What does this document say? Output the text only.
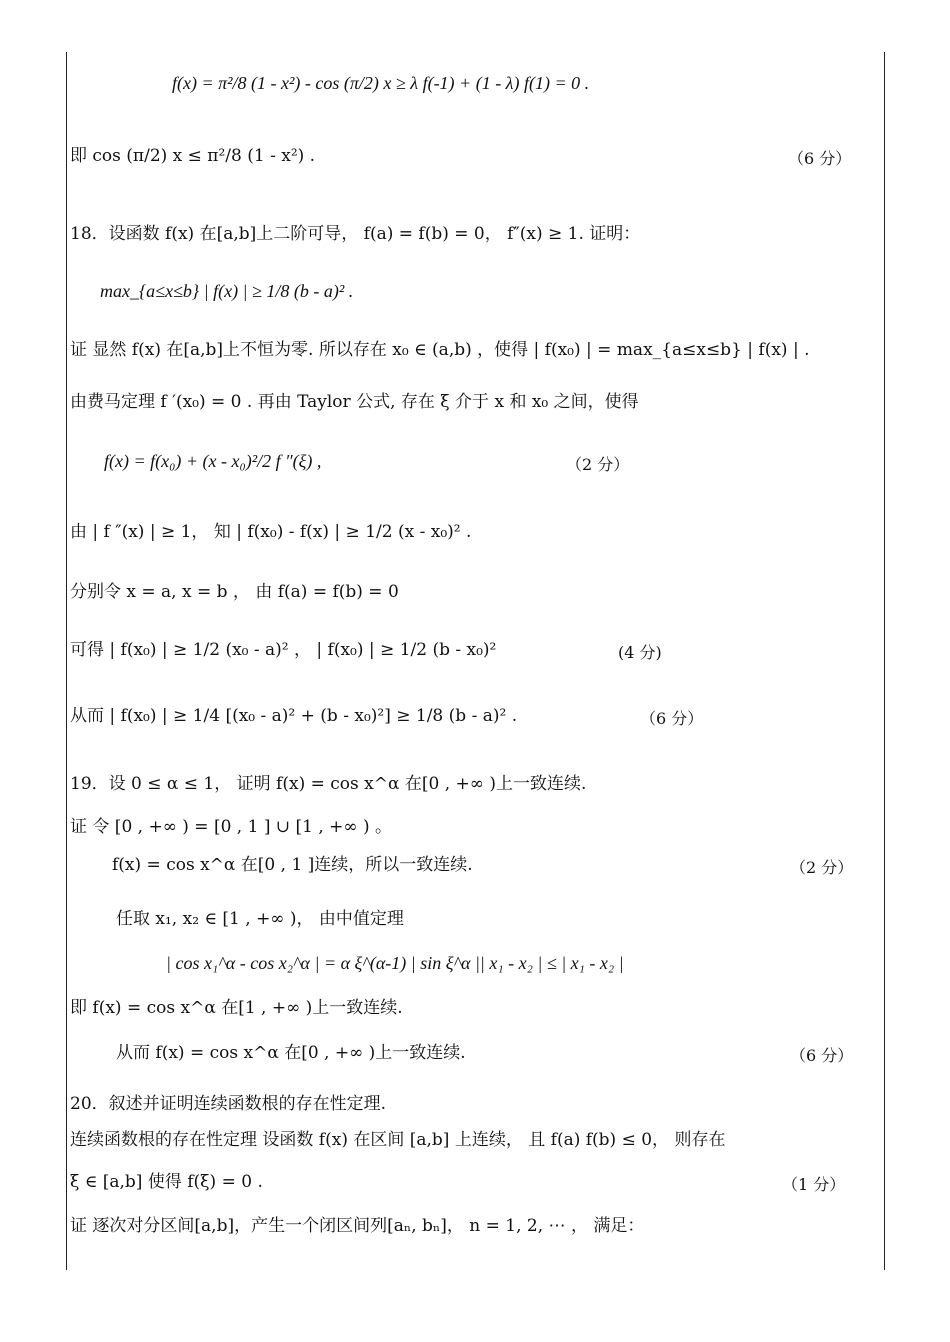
f(x) = π²/8 (1 - x²) - cos (π/2) x ≥ λ f(-1) + (1 - λ) f(1) = 0 .
即 cos (π/2) x ≤ π²/8 (1 - x²) .	（6 分）
18．设函数 f(x) 在[a,b]上二阶可导， f(a) = f(b) = 0， f″(x) ≥ 1. 证明：
max_{a≤x≤b} | f(x) | ≥ 1/8 (b - a)² .
证 显然 f(x) 在[a,b]上不恒为零. 所以存在 x₀ ∈ (a,b) ，使得 | f(x₀) | = max_{a≤x≤b} | f(x) | .
由费马定理 f ′(x₀) = 0 . 再由 Taylor 公式, 存在 ξ 介于 x 和 x₀ 之间，使得
f(x) = f(x₀) + (x - x₀)²/2 f ″(ξ) ,	（2 分）
由 | f ″(x) | ≥ 1， 知 | f(x₀) - f(x) | ≥ 1/2 (x - x₀)² .
分别令 x = a, x = b ， 由 f(a) = f(b) = 0
可得 | f(x₀) | ≥ 1/2 (x₀ - a)² ， | f(x₀) | ≥ 1/2 (b - x₀)²	(4 分)
从而 | f(x₀) | ≥ 1/4 [(x₀ - a)² + (b - x₀)²] ≥ 1/8 (b - a)² .	（6 分）
19．设 0 ≤ α ≤ 1， 证明 f(x) = cos x^α 在[0 , +∞ )上一致连续.
证 令 [0 , +∞ ) = [0 , 1 ] ∪ [1 , +∞ ) 。
f(x) = cos x^α 在[0 , 1 ]连续，所以一致连续.	（2 分）
任取 x₁, x₂ ∈ [1 , +∞ )， 由中值定理
| cos x₁^α - cos x₂^α | = α ξ^(α-1) | sin ξ^α || x₁ - x₂ | ≤ | x₁ - x₂ |
即 f(x) = cos x^α 在[1 , +∞ )上一致连续.
从而 f(x) = cos x^α 在[0 , +∞ )上一致连续.	（6 分）
20．叙述并证明连续函数根的存在性定理.
连续函数根的存在性定理 设函数 f(x) 在区间 [a,b] 上连续， 且 f(a) f(b) ≤ 0， 则存在
ξ ∈ [a,b] 使得 f(ξ) = 0 .	（1 分）
证 逐次对分区间[a,b]，产生一个闭区间列[aₙ, bₙ]， n = 1, 2, ⋯ ， 满足：
